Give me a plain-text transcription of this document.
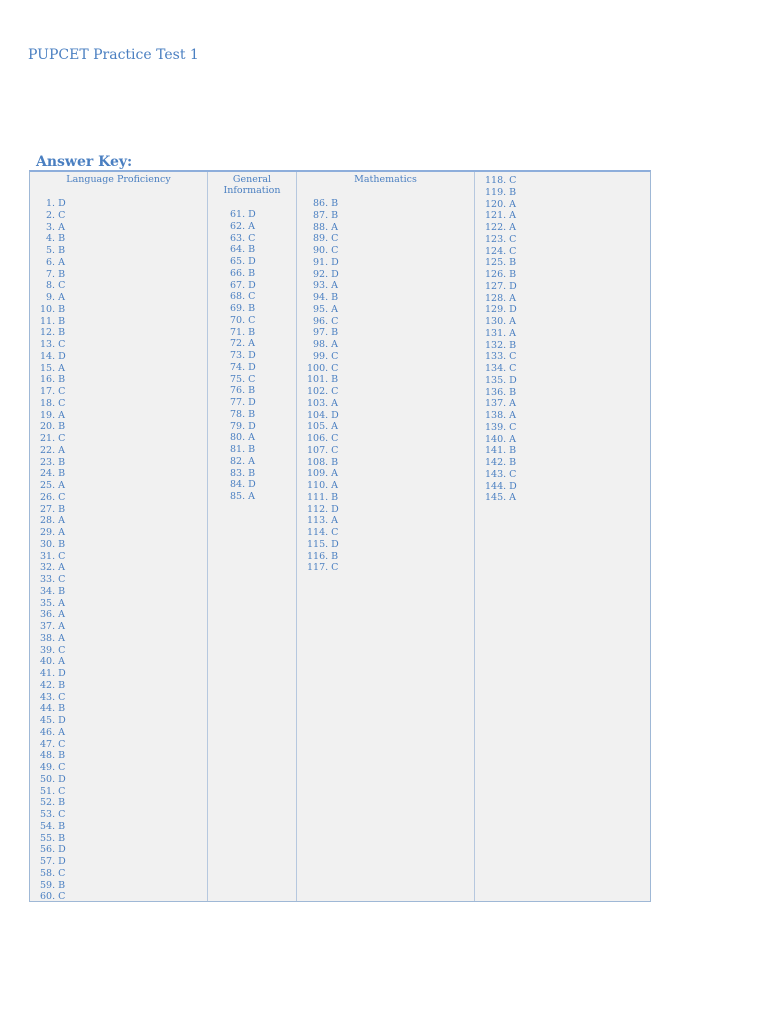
PUPCET Practice Test 1
Answer Key:
Language Proficiency
1. D
2. C
3. A
4. B
5. B
6. A
7. B
8. C
9. A
10. B
11. B
12. B
13. C
14. D
15. A
16. B
17. C
18. C
19. A
20. B
21. C
22. A
23. B
24. B
25. A
26. C
27. B
28. A
29. A
30. B
31. C
32. A
33. C
34. B
35. A
36. A
37. A
38. A
39. C
40. A
41. D
42. B
43. C
44. B
45. D
46. A
47. C
48. B
49. C
50. D
51. C
52. B
53. C
54. B
55. B
56. D
57. D
58. C
59. B
60. C
General
Information
61. D
62. A
63. C
64. B
65. D
66. B
67. D
68. C
69. B
70. C
71. B
72. A
73. D
74. D
75. C
76. B
77. D
78. B
79. D
80. A
81. B
82. A
83. B
84. D
85. A
Mathematics
86. B
87. B
88. A
89. C
90. C
91. D
92. D
93. A
94. B
95. A
96. C
97. B
98. A
99. C
100. C
101. B
102. C
103. A
104. D
105. A
106. C
107. C
108. B
109. A
110. A
111. B
112. D
113. A
114. C
115. D
116. B
117. C
118. C
119. B
120. A
121. A
122. A
123. C
124. C
125. B
126. B
127. D
128. A
129. D
130. A
131. A
132. B
133. C
134. C
135. D
136. B
137. A
138. A
139. C
140. A
141. B
142. B
143. C
144. D
145. A
